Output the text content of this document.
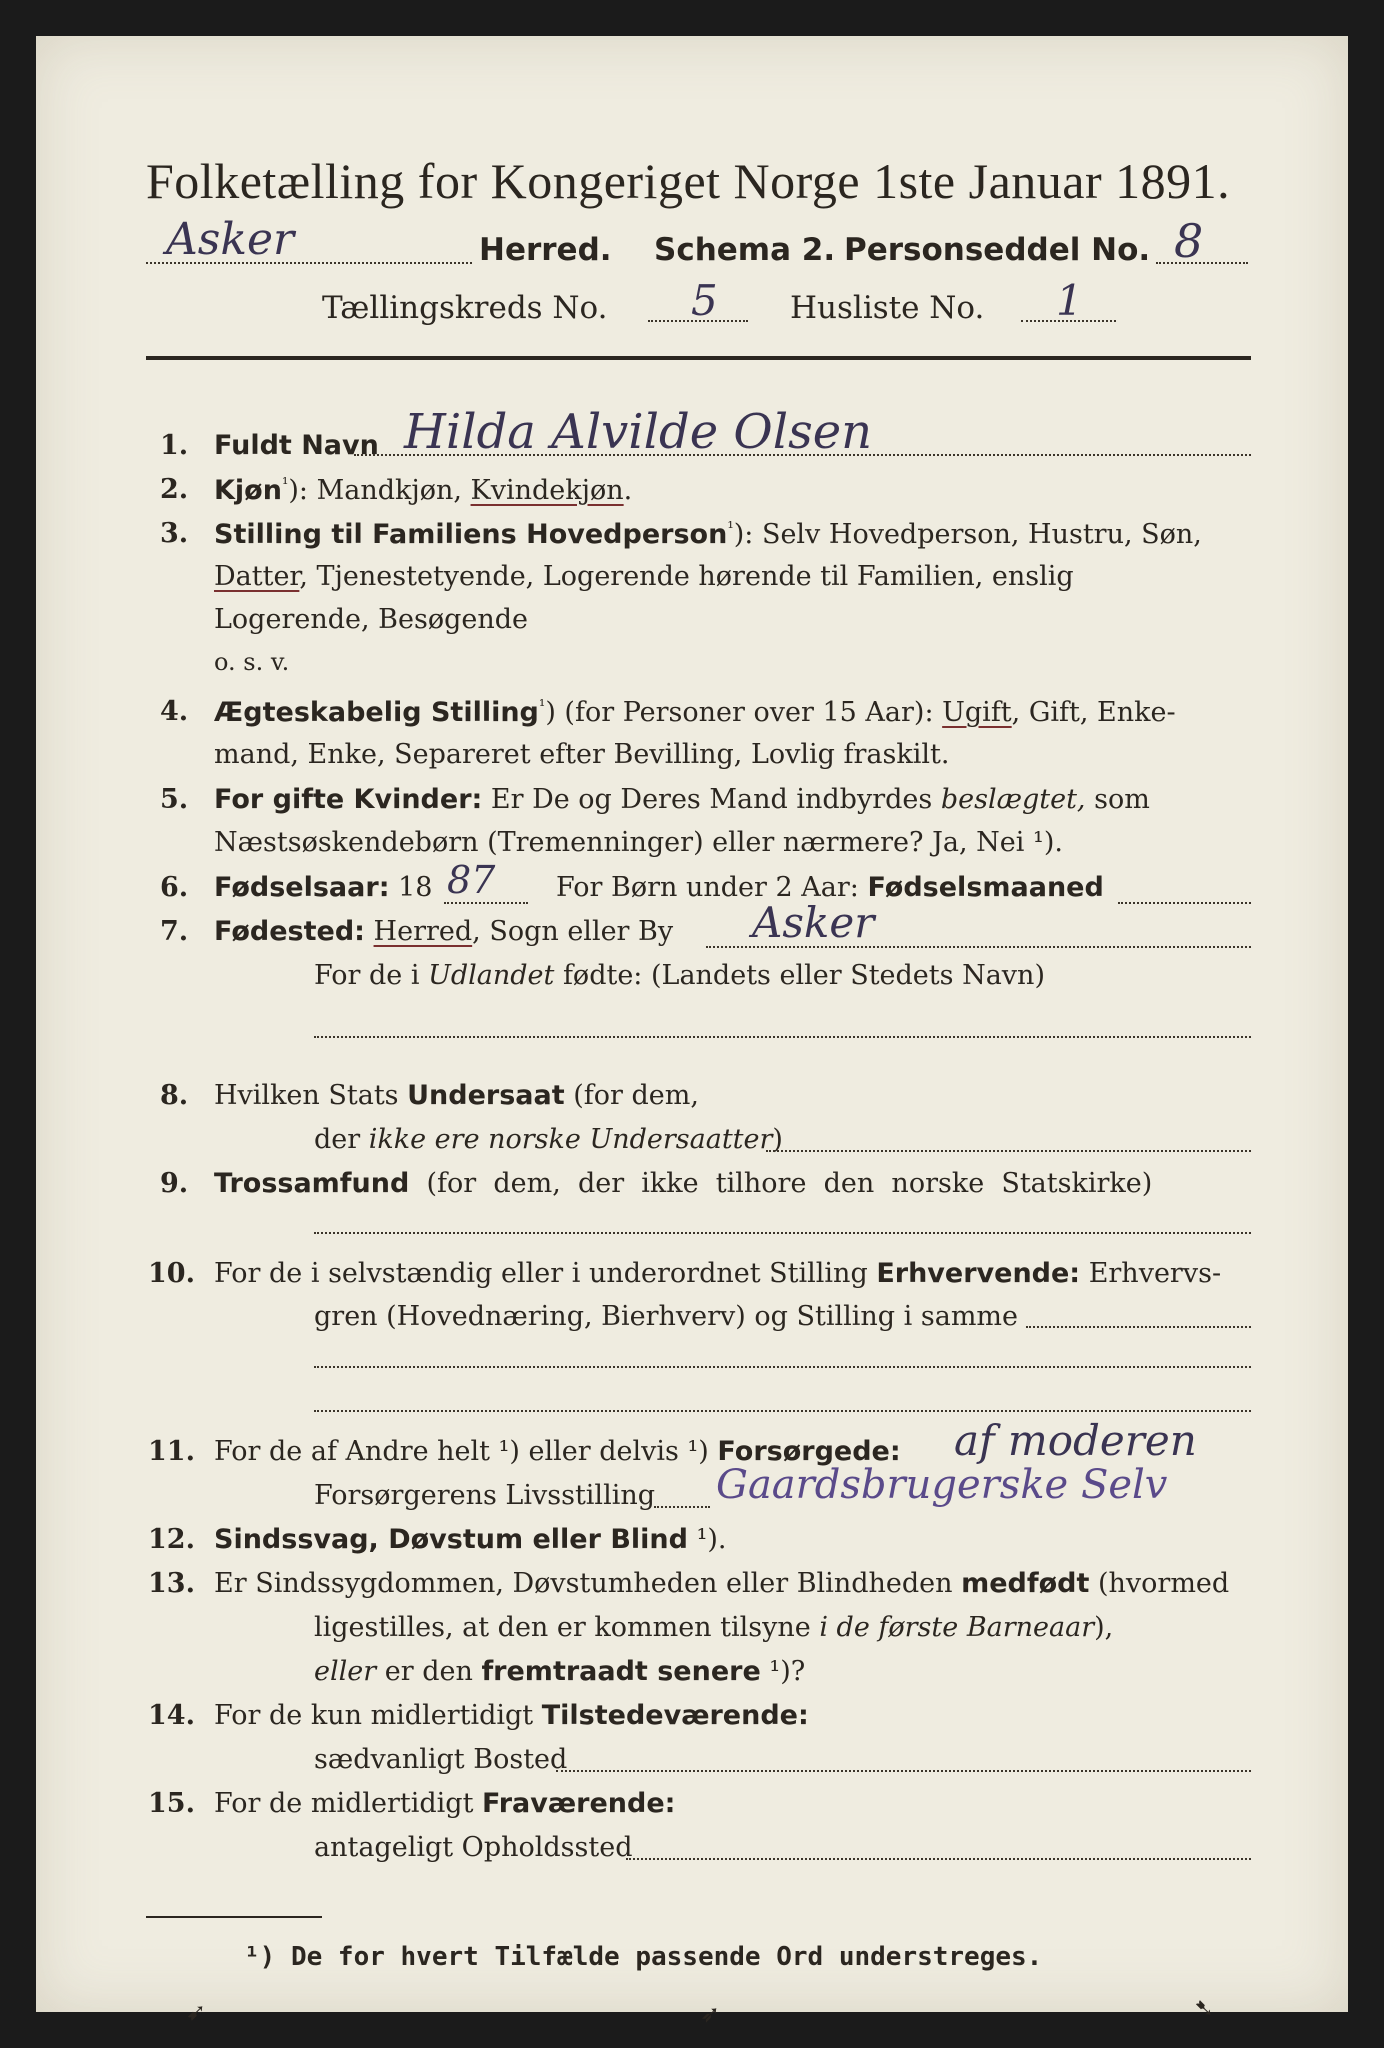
Folketælling for Kongeriget Norge 1ste Januar 1891.
Asker	Herred. Schema 2. Personseddel No. 8
Tællingskreds No. 5 Husliste No. 1
1. Fuldt Navn Hilda Alvilde Olsen
2. Kjøn$^{^1}$): Mandkjøn, Kvindekjøn.
3. Stilling til Familiens Hovedperson$^{^1}$): Selv Hovedperson, Hustru, Søn,
Datter, Tjenestetyende, Logerende hørende til Familien, enslig
Logerende, Besøgende
o. s. v.
4. Ægteskabelig Stilling$^{^1}$) (for Personer over 15 Aar): Ugift, Gift, Enke-
mand, Enke, Separeret efter Bevilling, Lovlig fraskilt.
5. For gifte Kvinder: Er De og Deres Mand indbyrdes beslægtet, som
Næstsøskendebørn (Tremenninger) eller nærmere? Ja, Nei ¹).
6. Fødselsaar: 18 87 For Børn under 2 Aar: Fødselsmaaned
7. Fødested: Herred, Sogn eller By Asker
For de i Udlandet fødte: (Landets eller Stedets Navn)
8. Hvilken Stats Undersaat (for dem,
der ikke ere norske Undersaatter)
9. Trossamfund  (for  dem,  der  ikke  tilhore  den  norske  Statskirke)
10. For de i selvstændig eller i underordnet Stilling Erhvervende: Erhvervs-
gren (Hovednæring, Bierhverv) og Stilling i samme
11. For de af Andre helt ¹) eller delvis ¹) Forsørgede: af moderen
Forsørgerens Livsstilling Gaardsbrugerske Selv
12. Sindssvag, Døvstum eller Blind ¹).
13. Er Sindssygdommen, Døvstumheden eller Blindheden medfødt (hvormed
ligestilles, at den er kommen tilsyne i de første Barneaar),
eller er den fremtraadt senere ¹)?
14. For de kun midlertidigt Tilstedeværende:
sædvanligt Bosted
15. For de midlertidigt Fraværende:
antageligt Opholdssted
¹) De for hvert Tilfælde passende Ord understreges.
➹	➶	➷
